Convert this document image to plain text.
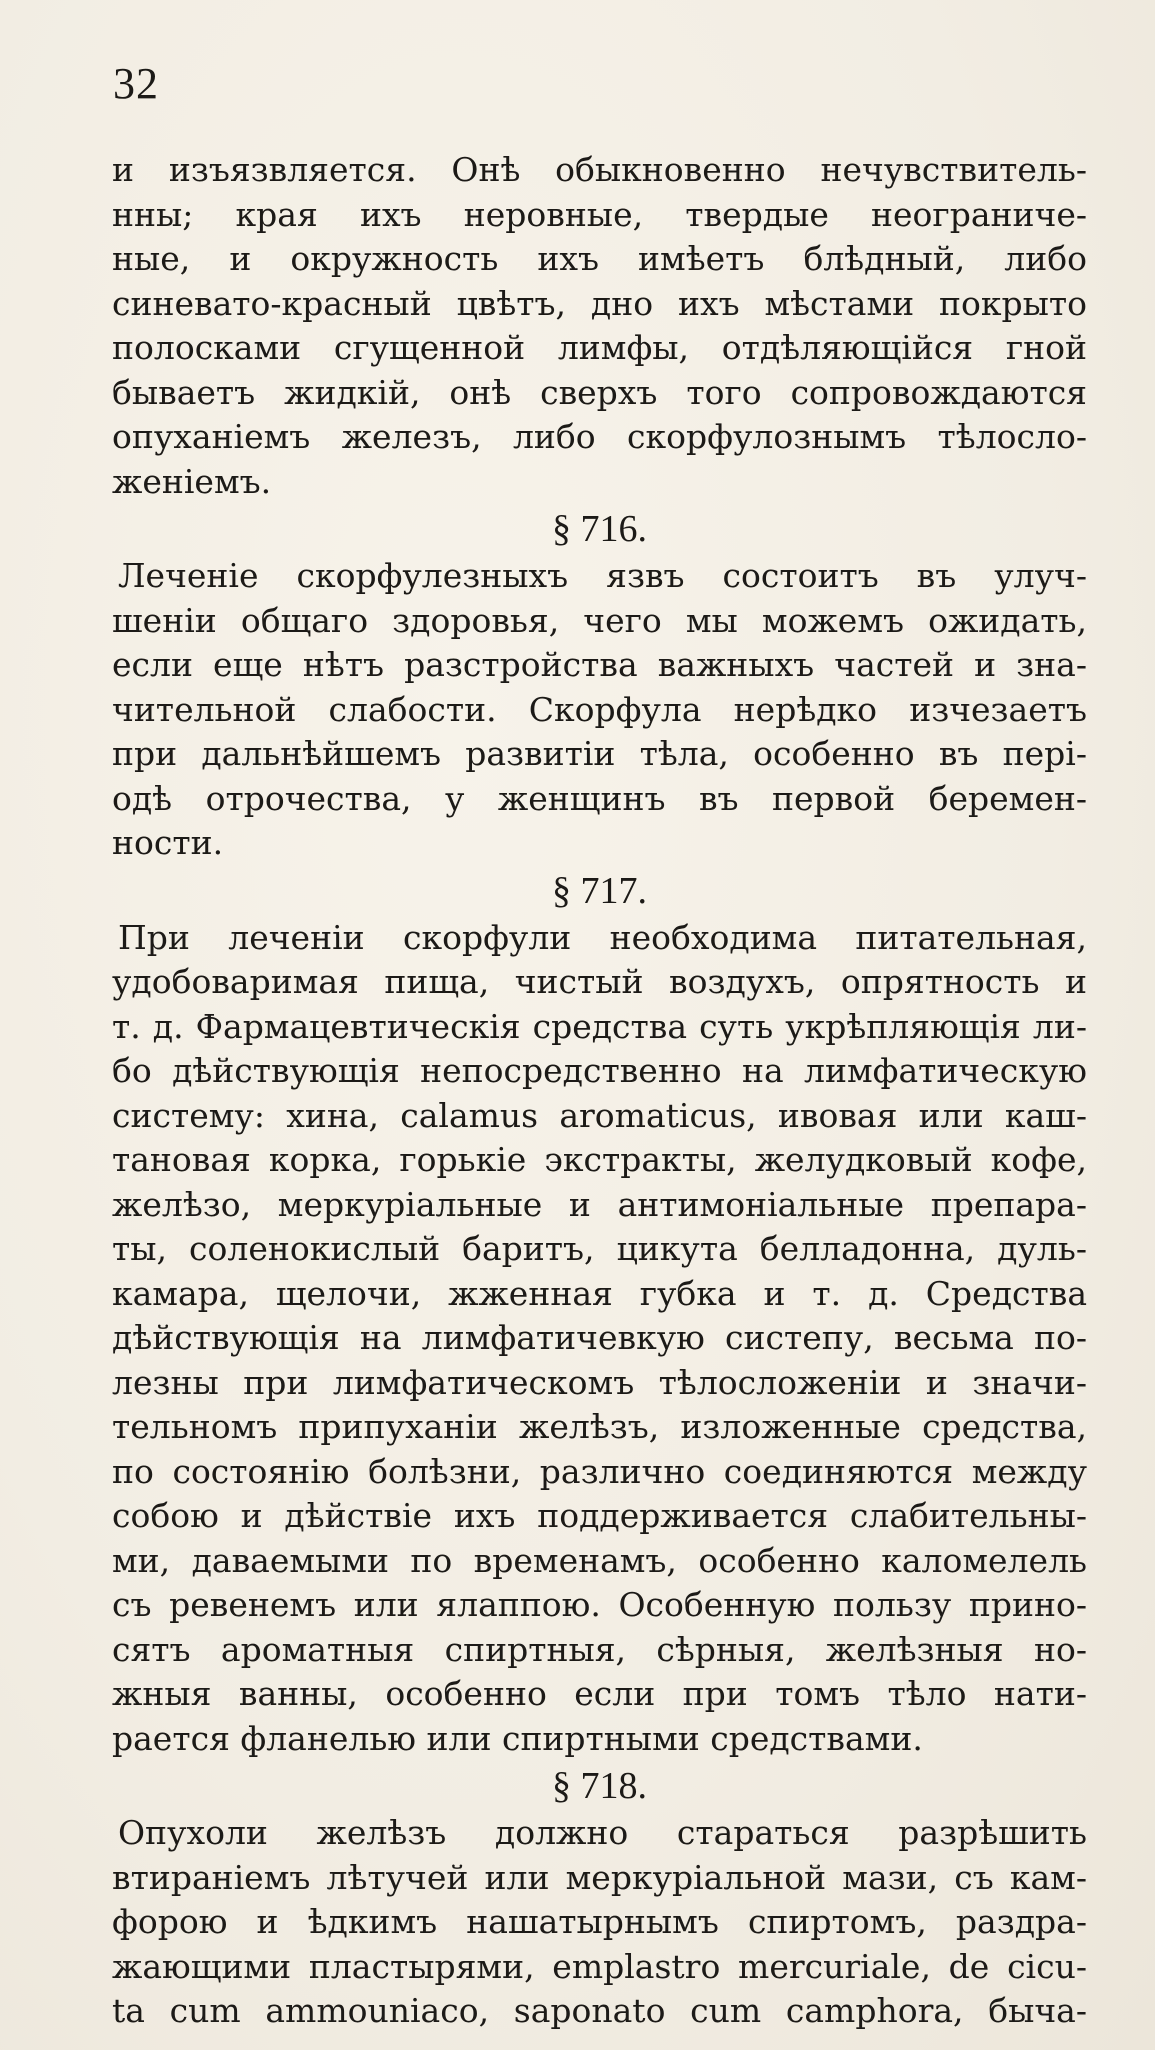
32
и изъязвляется. Онѣ обыкновенно нечувствитель-
нны; края ихъ неровные, твердые неограниче-
ные, и окружность ихъ имѣетъ блѣдный, либо
синевато-красный цвѣтъ, дно ихъ мѣстами покрыто
полосками сгущенной лимфы, отдѣляющійся гной
бываетъ жидкій, онѣ сверхъ того сопровождаются
опуханіемъ железъ, либо скорфулознымъ тѣлосло-
женіемъ.
§ 716.
Леченіе скорфулезныхъ язвъ состоитъ въ улуч-
шеніи общаго здоровья, чего мы можемъ ожидать,
если еще нѣтъ разстройства важныхъ частей и зна-
чительной слабости. Скорфула нерѣдко изчезаетъ
при дальнѣйшемъ развитіи тѣла, особенно въ пері-
одѣ отрочества, у женщинъ въ первой беремен-
ности.
§ 717.
При леченіи скорфули необходима питательная,
удобоваримая пища, чистый воздухъ, опрятность и
т. д. Фармацевтическія средства суть укрѣпляющія ли-
бо дѣйствующія непосредственно на лимфатическую
систему: хина, calamus aromaticus, ивовая или каш-
тановая корка, горькіе экстракты, желудковый кофе,
желѣзо, меркуріальные и антимоніальные препара-
ты, соленокислый баритъ, цикута белладонна, дуль-
камара, щелочи, жженная губка и т. д. Средства
дѣйствующія на лимфатичевкую систепу, весьма по-
лезны при лимфатическомъ тѣлосложеніи и значи-
тельномъ припуханіи желѣзъ, изложенные средства,
по состоянію болѣзни, различно соединяются между
собою и дѣйствіе ихъ поддерживается слабительны-
ми, даваемыми по временамъ, особенно каломелель
съ ревенемъ или ялаппою. Особенную пользу прино-
сятъ ароматныя спиртныя, сѣрныя, желѣзныя но-
жныя ванны, особенно если при томъ тѣло нати-
рается фланелью или спиртными средствами.
§ 718.
Опухоли желѣзъ должно стараться разрѣшить
втираніемъ лѣтучей или меркуріальной мази, съ кам-
форою и ѣдкимъ нашатырнымъ спиртомъ, раздра-
жающими пластырями, emplastro mercuriale, de cicu-
ta cum ammouniaco, saponato cum camphora, быча-
